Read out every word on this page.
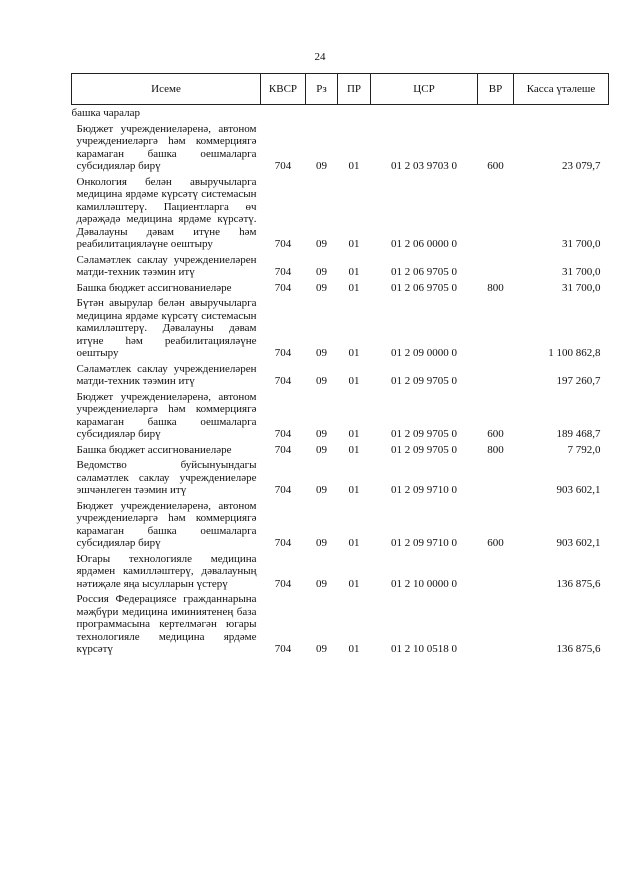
24
Исеме	КВСР	Рз	ПР	ЦСР	ВР	Касса үтәлеше
башка чаралар						
Бюджет учреждениеләренә, автоном учреждениеләргә һәм коммерциягә карамаган башка оешмаларга субсидияләр бирү	704	09	01	01 2 03 9703 0	600	23 079,7
Онкология белән авыручыларга медицина ярдәме күрсәтү системасын камилләштерү. Пациентларга өч дәрәҗәдә медицина ярдәме күрсәтү. Дәвалауны дәвам итүне һәм реабилитацияләүне оештыру	704	09	01	01 2 06 0000 0		31 700,0
Сәламәтлек саклау учреждениеләрен матди-техник тәэмин итү	704	09	01	01 2 06 9705 0		31 700,0
Башка бюджет ассигнованиеләре	704	09	01	01 2 06 9705 0	800	31 700,0
Бүтән авырулар белән авыручыларга медицина ярдәме күрсәтү системасын камилләштерү. Дәвалауны дәвам итүне һәм реабилитацияләүне оештыру	704	09	01	01 2 09 0000 0		1 100 862,8
Сәламәтлек саклау учреждениеләрен матди-техник тәэмин итү	704	09	01	01 2 09 9705 0		197 260,7
Бюджет учреждениеләренә, автоном учреждениеләргә һәм коммерциягә карамаган башка оешмаларга субсидияләр бирү	704	09	01	01 2 09 9705 0	600	189 468,7
Башка бюджет ассигнованиеләре	704	09	01	01 2 09 9705 0	800	7 792,0
Ведомство буйсынуындагы сәламәтлек саклау учреждениеләре эшчәнлеген тәэмин итү	704	09	01	01 2 09 9710 0		903 602,1
Бюджет учреждениеләренә, автоном учреждениеләргә һәм коммерциягә карамаган башка оешмаларга субсидияләр бирү	704	09	01	01 2 09 9710 0	600	903 602,1
Югары технологияле медицина ярдәмен камилләштерү, дәвалауның нәтиҗәле яңа ысулларын үстерү	704	09	01	01 2 10 0000 0		136 875,6
Россия Федерациясе гражданнарына мәҗбүри медицина иминиятенең база программасына кертелмәгән югары технологияле медицина ярдәме күрсәтү	704	09	01	01 2 10 0518 0		136 875,6
